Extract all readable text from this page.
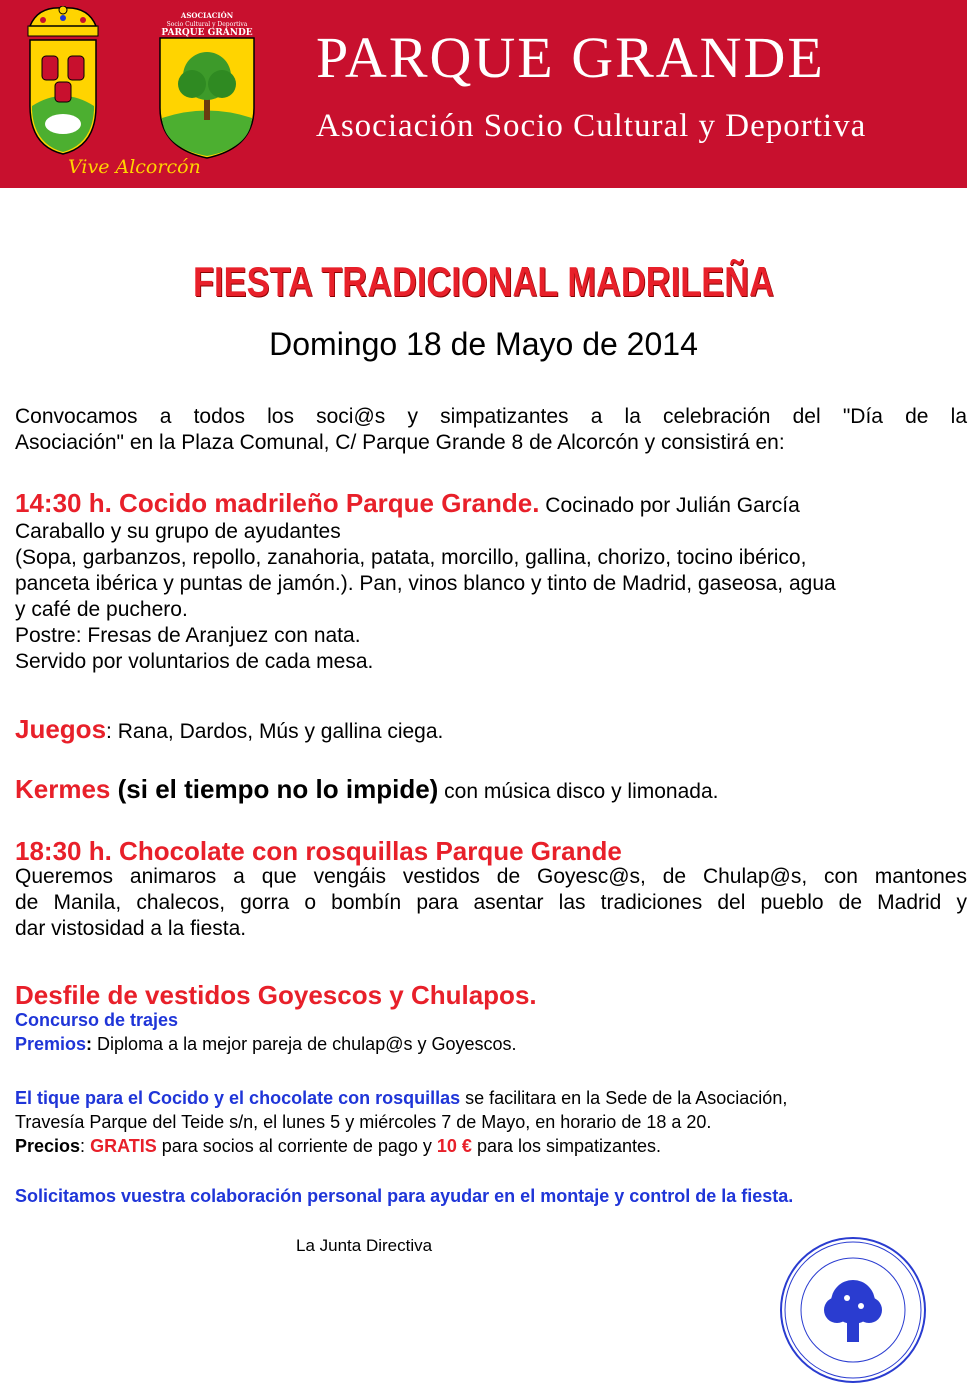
ASOCIACIÓN
Socio Cultural y Deportiva
PARQUE GRANDE
Vive Alcorcón
PARQUE GRANDE
Asociación Socio Cultural y Deportiva
FIESTA TRADICIONAL MADRILEÑA
Domingo 18 de Mayo de 2014
Convocamos a todos los soci@s y simpatizantes a la celebración del "Día de la
Asociación" en la Plaza Comunal, C/ Parque Grande 8 de Alcorcón y consistirá en:
14:30 h. Cocido madrileño Parque Grande. Cocinado por Julián García
Caraballo y su grupo de ayudantes
(Sopa, garbanzos, repollo, zanahoria, patata, morcillo, gallina, chorizo, tocino ibérico,
panceta ibérica y puntas de jamón.). Pan, vinos blanco y tinto de Madrid, gaseosa, agua
y café de puchero.
Postre: Fresas de Aranjuez con nata.
Servido por voluntarios de cada mesa.
Juegos: Rana, Dardos, Mús y gallina ciega.
Kermes (si el tiempo no lo impide) con música disco y limonada.
18:30 h. Chocolate con rosquillas Parque Grande
Queremos animaros a que vengáis vestidos de Goyesc@s, de Chulap@s, con mantones
de Manila, chalecos, gorra o bombín para asentar las tradiciones del pueblo de Madrid y
dar vistosidad a la fiesta.
Desfile de vestidos Goyescos y Chulapos.
Concurso de trajes
Premios: Diploma a la mejor pareja de chulap@s y Goyescos.
El tique para el Cocido y el chocolate con rosquillas se facilitara en la Sede de la Asociación,
Travesía Parque del Teide s/n, el lunes 5 y miércoles 7 de Mayo, en horario de 18 a 20.
Precios: GRATIS para socios al corriente de pago y 10 € para los simpatizantes.
Solicitamos vuestra colaboración personal para ayudar en el montaje y control de la fiesta.
La Junta Directiva
